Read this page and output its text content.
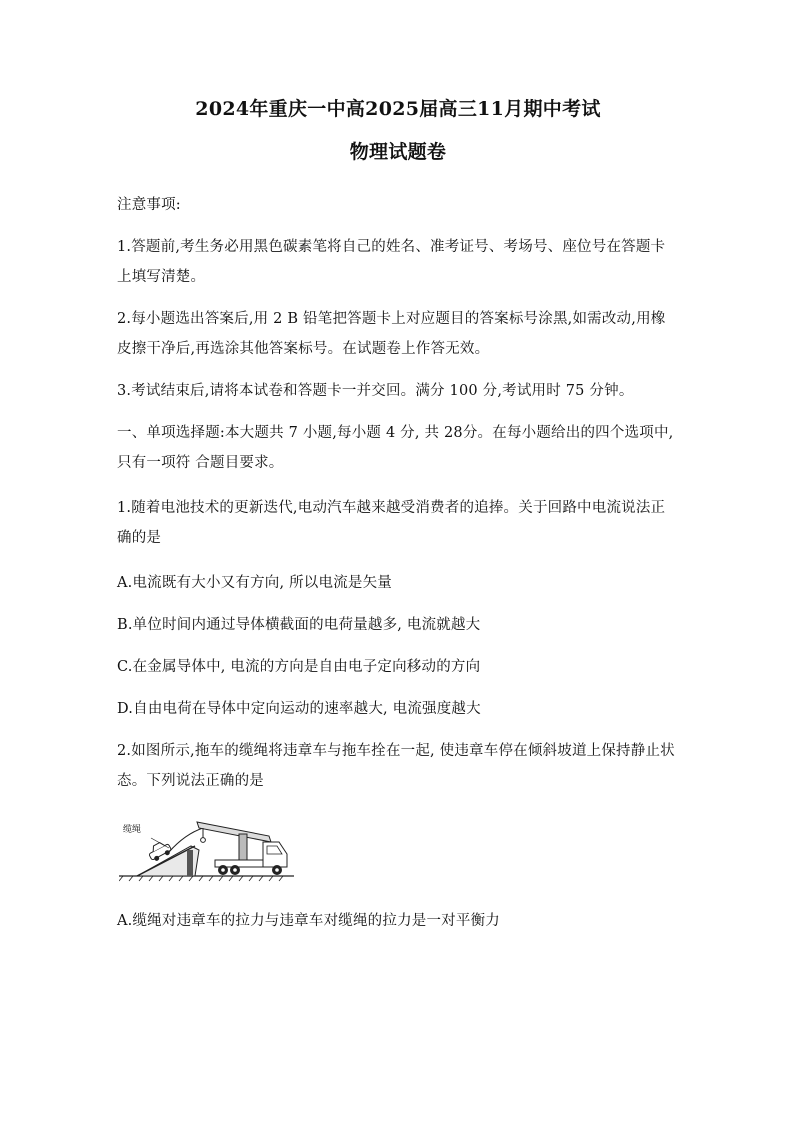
2024年重庆一中高2025届高三11月期中考试
物理试题卷

注意事项:

1.答题前,考生务必用黑色碳素笔将自己的姓名、准考证号、考场号、座位号在答题卡上填写清楚。

2.每小题选出答案后,用 2 B 铅笔把答题卡上对应题目的答案标号涂黑,如需改动,用橡皮擦干净后,再选涂其他答案标号。在试题卷上作答无效。

3.考试结束后,请将本试卷和答题卡一并交回。满分 100 分,考试用时 75 分钟。

一、单项选择题:本大题共 7 小题,每小题 4 分, 共 28分。在每小题给出的四个选项中, 只有一项符 合题目要求。

1.随着电池技术的更新迭代,电动汽车越来越受消费者的追捧。关于回路中电流说法正确的是

A.电流既有大小又有方向, 所以电流是矢量

B.单位时间内通过导体横截面的电荷量越多, 电流就越大

C.在金属导体中, 电流的方向是自由电子定向移动的方向

D.自由电荷在导体中定向运动的速率越大, 电流强度越大

2.如图所示,拖车的缆绳将违章车与拖车拴在一起, 使违章车停在倾斜坡道上保持静止状态。下列说法正确的是

缆绳

A.缆绳对违章车的拉力与违章车对缆绳的拉力是一对平衡力
